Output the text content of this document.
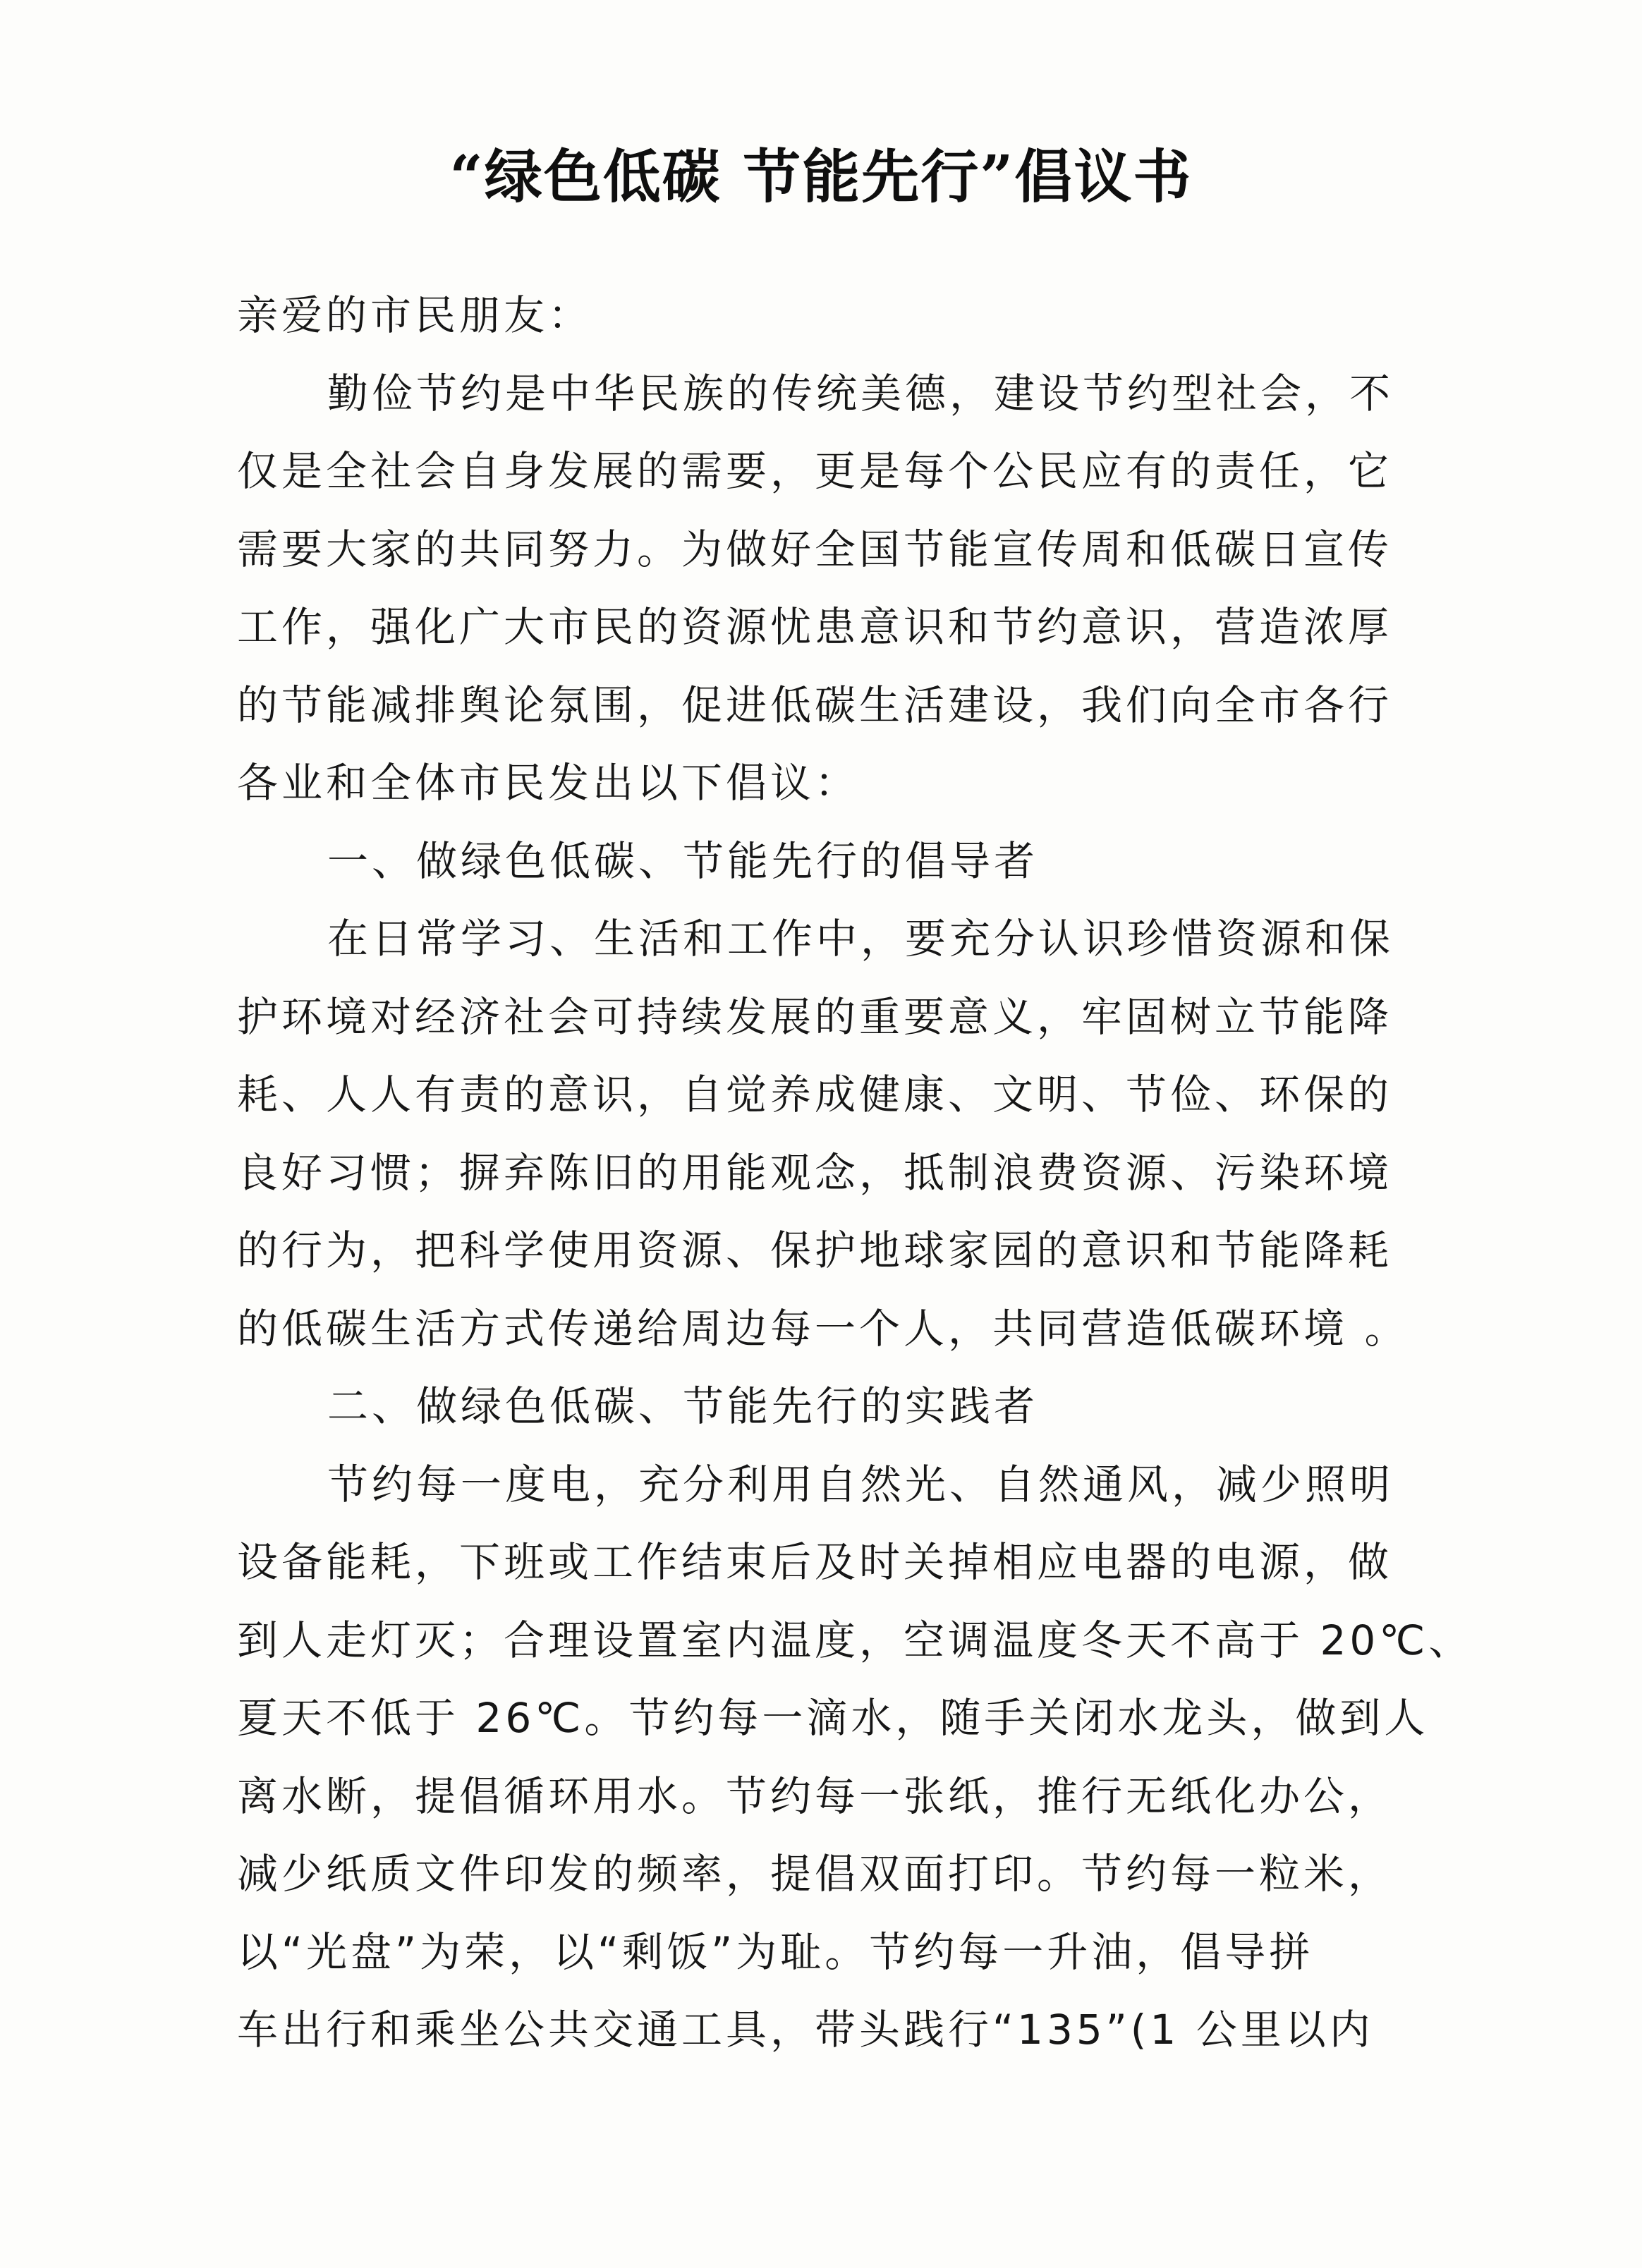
“绿色低碳 节能先行”倡议书
亲爱的市民朋友：
勤俭节约是中华民族的传统美德，建设节约型社会，不
仅是全社会自身发展的需要，更是每个公民应有的责任，它
需要大家的共同努力。为做好全国节能宣传周和低碳日宣传
工作，强化广大市民的资源忧患意识和节约意识，营造浓厚
的节能减排舆论氛围，促进低碳生活建设，我们向全市各行
各业和全体市民发出以下倡议：
一、做绿色低碳、节能先行的倡导者
在日常学习、生活和工作中，要充分认识珍惜资源和保
护环境对经济社会可持续发展的重要意义，牢固树立节能降
耗、人人有责的意识，自觉养成健康、文明、节俭、环保的
良好习惯；摒弃陈旧的用能观念，抵制浪费资源、污染环境
的行为，把科学使用资源、保护地球家园的意识和节能降耗
的低碳生活方式传递给周边每一个人，共同营造低碳环境 。
二、做绿色低碳、节能先行的实践者
节约每一度电，充分利用自然光、自然通风，减少照明
设备能耗，下班或工作结束后及时关掉相应电器的电源，做
到人走灯灭；合理设置室内温度，空调温度冬天不高于 20℃、
夏天不低于 26℃。节约每一滴水，随手关闭水龙头，做到人
离水断，提倡循环用水。节约每一张纸，推行无纸化办公，
减少纸质文件印发的频率，提倡双面打印。节约每一粒米，
以“光盘”为荣，以“剩饭”为耻。节约每一升油，倡导拼
车出行和乘坐公共交通工具，带头践行“135”(1 公里以内
